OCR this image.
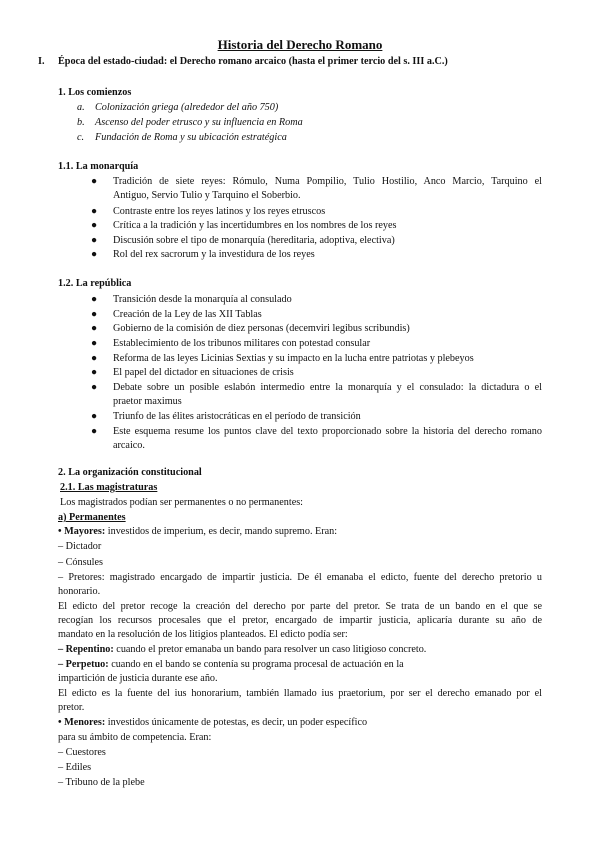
Historia del Derecho Romano
I. Época del estado-ciudad: el Derecho romano arcaico (hasta el primer tercio del s. III a.C.)
1. Los comienzos
a. Colonización griega (alrededor del año 750)
b. Ascenso del poder etrusco y su influencia en Roma
c. Fundación de Roma y su ubicación estratégica
1.1. La monarquía
● Tradición de siete reyes: Rómulo, Numa Pompilio, Tulio Hostilio, Anco Marcio, Tarquino el
Antiguo, Servio Tulio y Tarquino el Soberbio.
● Contraste entre los reyes latinos y los reyes etruscos
● Crítica a la tradición y las incertidumbres en los nombres de los reyes
● Discusión sobre el tipo de monarquía (hereditaria, adoptiva, electiva)
● Rol del rex sacrorum y la investidura de los reyes
1.2. La república
● Transición desde la monarquía al consulado
● Creación de la Ley de las XII Tablas
● Gobierno de la comisión de diez personas (decemviri legibus scribundis)
● Establecimiento de los tribunos militares con potestad consular
● Reforma de las leyes Licinias Sextias y su impacto en la lucha entre patriotas y plebeyos
● El papel del dictador en situaciones de crisis
● Debate sobre un posible eslabón intermedio entre la monarquía y el consulado: la dictadura o el
praetor maximus
● Triunfo de las élites aristocráticas en el período de transición
● Este esquema resume los puntos clave del texto proporcionado sobre la historia del derecho romano
arcaico.
2. La organización constitucional
2.1. Las magistraturas
Los magistrados podían ser permanentes o no permanentes:
a) Permanentes
• Mayores: investidos de imperium, es decir, mando supremo. Eran:
– Dictador
– Cónsules
– Pretores: magistrado encargado de impartir justicia. De él emanaba el edicto, fuente del derecho pretorio u
honorario.
El edicto del pretor recoge la creación del derecho por parte del pretor. Se trata de un bando en el que se
recogían los recursos procesales que el pretor, encargado de impartir justicia, aplicaría durante su año de
mandato en la resolución de los litigios planteados. El edicto podía ser:
– Repentino: cuando el pretor emanaba un bando para resolver un caso litigioso concreto.
– Perpetuo: cuando en el bando se contenía su programa procesal de actuación en la
impartición de justicia durante ese año.
El edicto es la fuente del ius honorarium, también llamado ius praetorium, por ser el derecho emanado por el
pretor.
• Menores: investidos únicamente de potestas, es decir, un poder específico
para su ámbito de competencia. Eran:
– Cuestores
– Ediles
– Tribuno de la plebe
